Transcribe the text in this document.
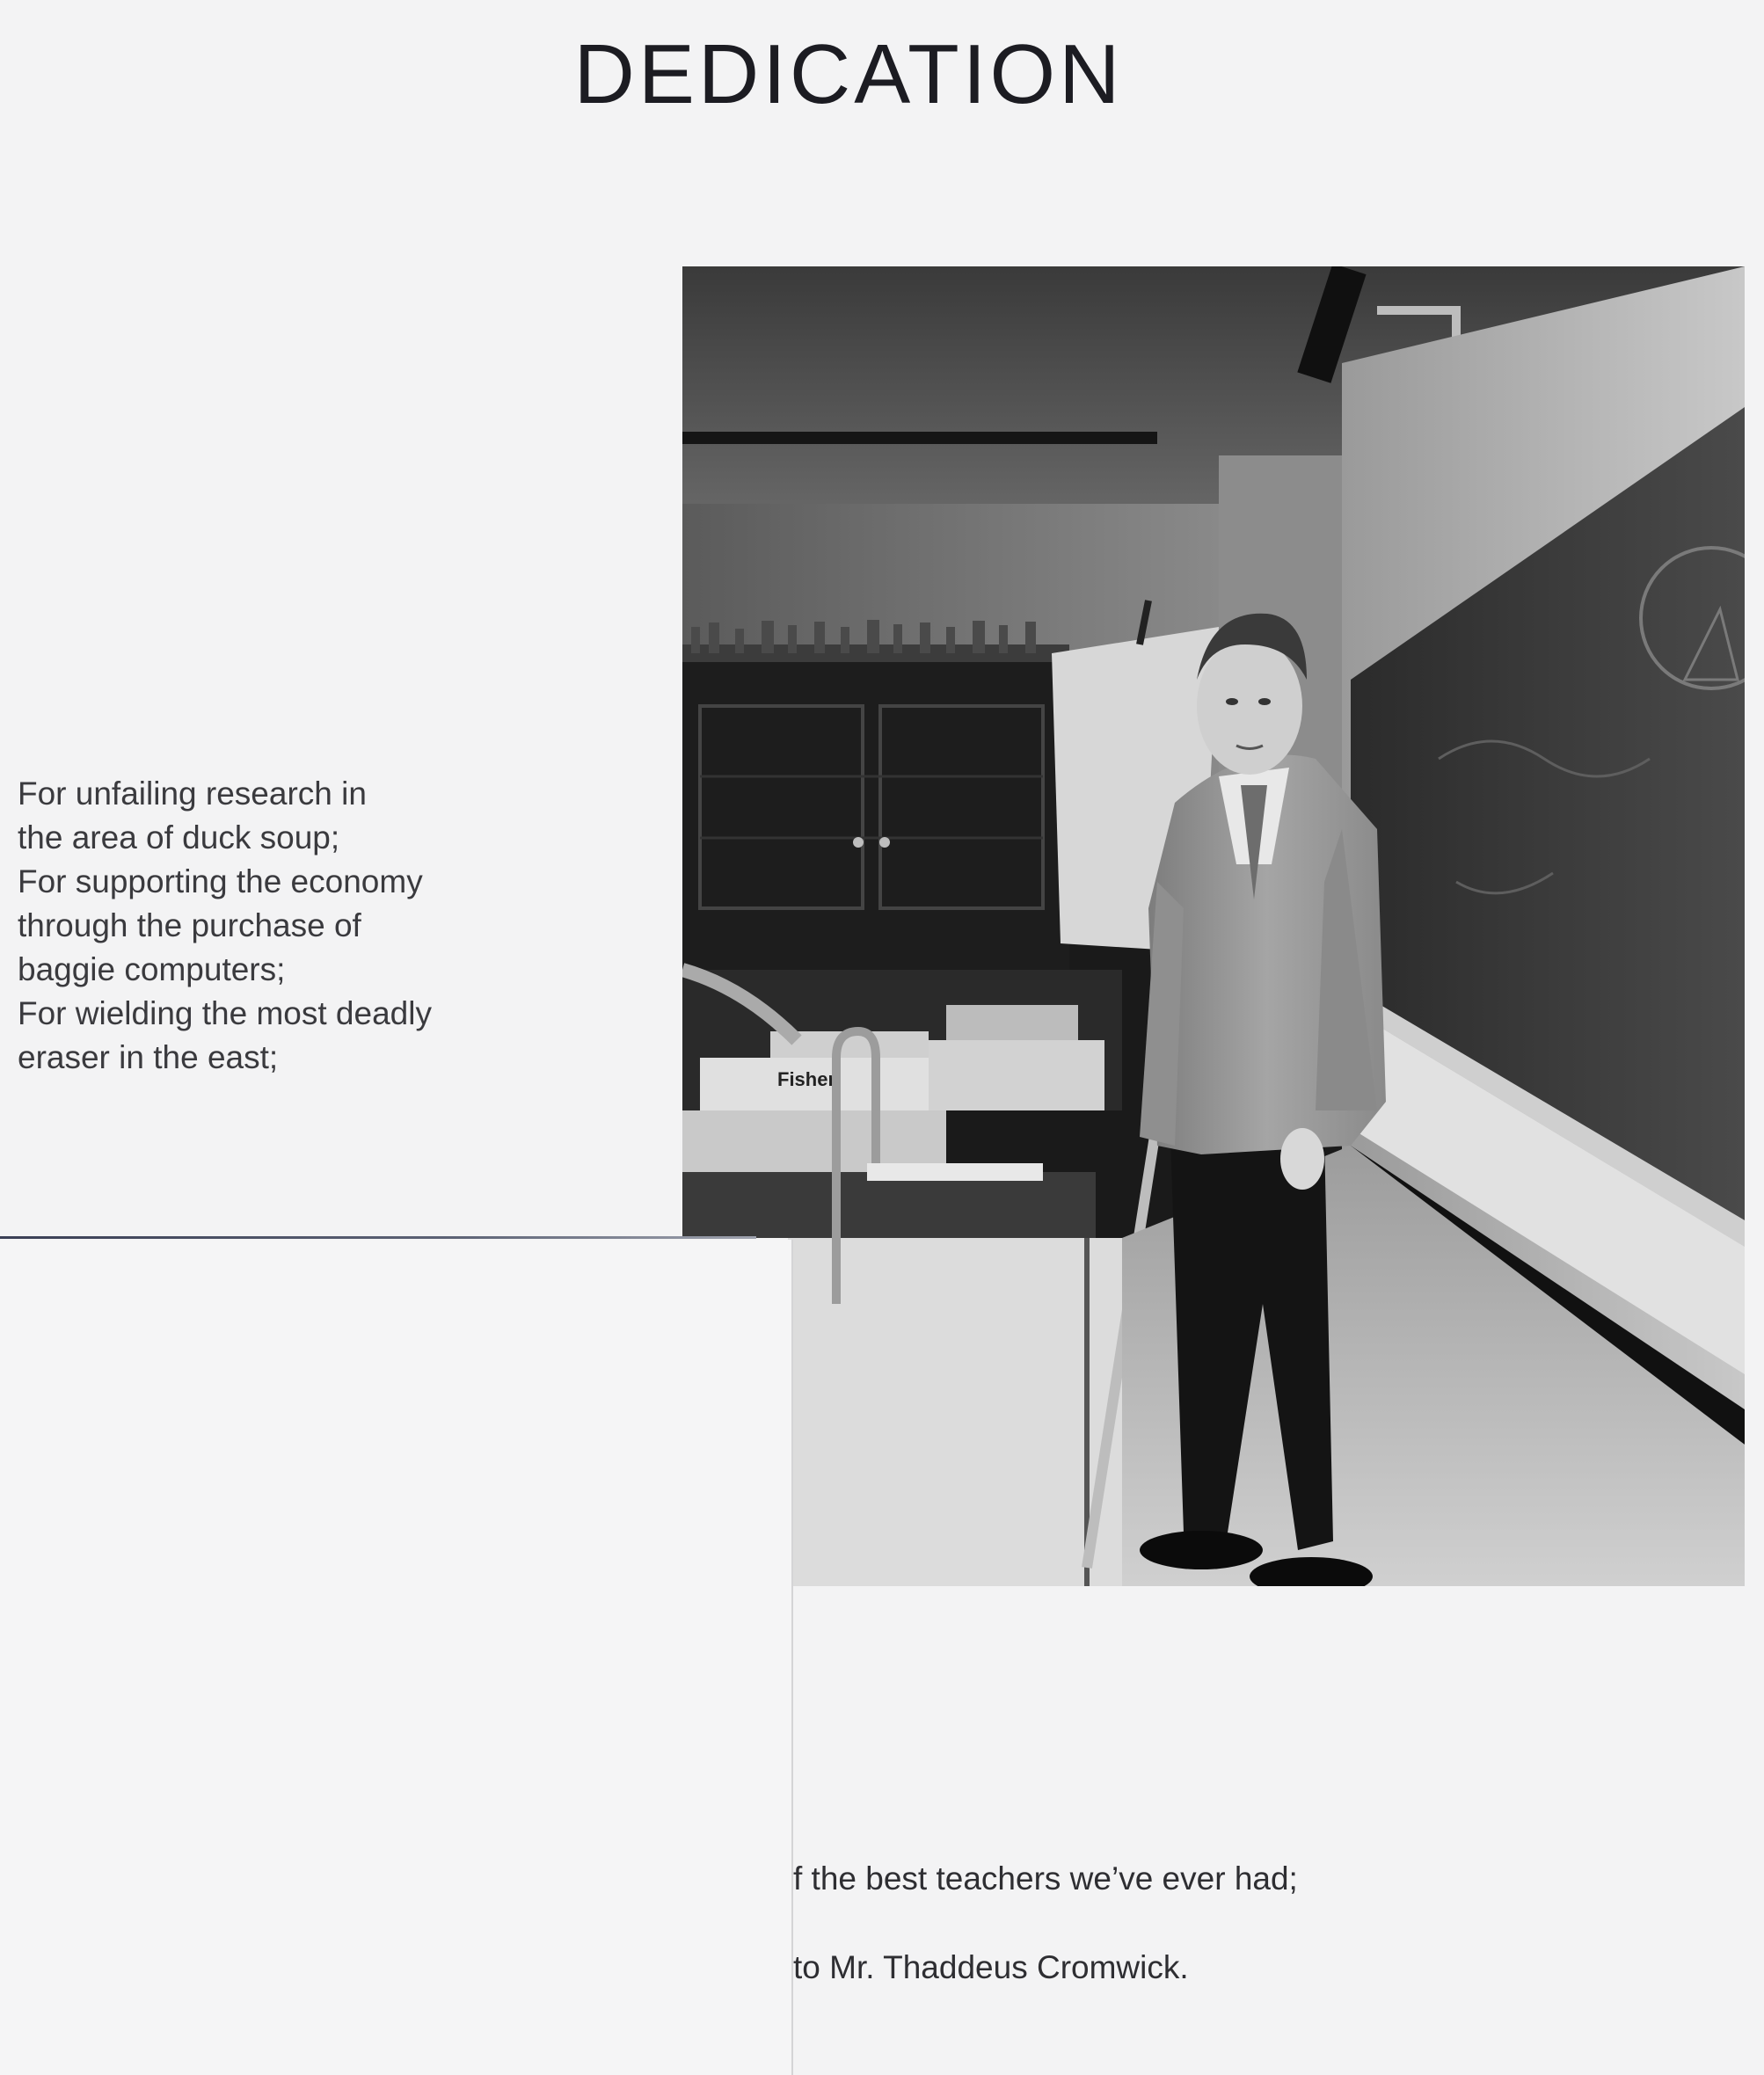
DEDICATION
For unfailing research in
the area of duck soup;
For supporting the economy
through the purchase of
baggie computers;
For wielding the most deadly
eraser in the east;
Fisher
f the best teachers we’ve ever had;
to Mr. Thaddeus Cromwick.
